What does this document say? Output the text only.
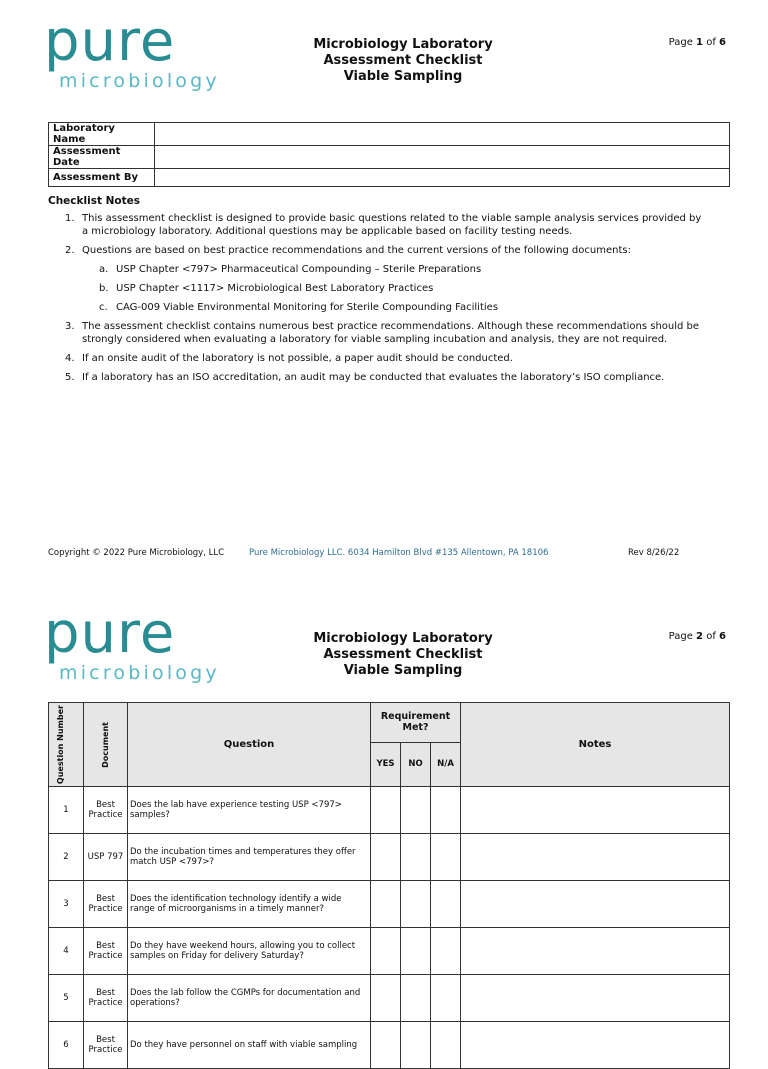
pure
microbiology
Microbiology Laboratory
Assessment Checklist
Viable Sampling
Page 1 of 6
Laboratory Name	
Assessment Date	
Assessment By	
Checklist Notes
1. This assessment checklist is designed to provide basic questions related to the viable sample analysis services provided by a microbiology laboratory. Additional questions may be applicable based on facility testing needs.
2. Questions are based on best practice recommendations and the current versions of the following documents:
a. USP Chapter <797> Pharmaceutical Compounding – Sterile Preparations
b. USP Chapter <1117> Microbiological Best Laboratory Practices
c. CAG-009 Viable Environmental Monitoring for Sterile Compounding Facilities
3. The assessment checklist contains numerous best practice recommendations. Although these recommendations should be strongly considered when evaluating a laboratory for viable sampling incubation and analysis, they are not required.
4. If an onsite audit of the laboratory is not possible, a paper audit should be conducted.
5. If a laboratory has an ISO accreditation, an audit may be conducted that evaluates the laboratory’s ISO compliance.
Copyright © 2022 Pure Microbiology, LLC	Pure Microbiology LLC. 6034 Hamilton Blvd #135 Allentown, PA 18106	Rev 8/26/22
pure
microbiology
Microbiology Laboratory
Assessment Checklist
Viable Sampling
Page 2 of 6
Question Number	Document	Question	Requirement Met?			Notes
			YES	NO	N/A	
1	Best Practice	Does the lab have experience testing USP <797> samples?				
2	USP 797	Do the incubation times and temperatures they offer match USP <797>?				
3	Best Practice	Does the identification technology identify a wide range of microorganisms in a timely manner?				
4	Best Practice	Do they have weekend hours, allowing you to collect samples on Friday for delivery Saturday?				
5	Best Practice	Does the lab follow the CGMPs for documentation and operations?				
6	Best Practice	Do they have personnel on staff with viable sampling				
